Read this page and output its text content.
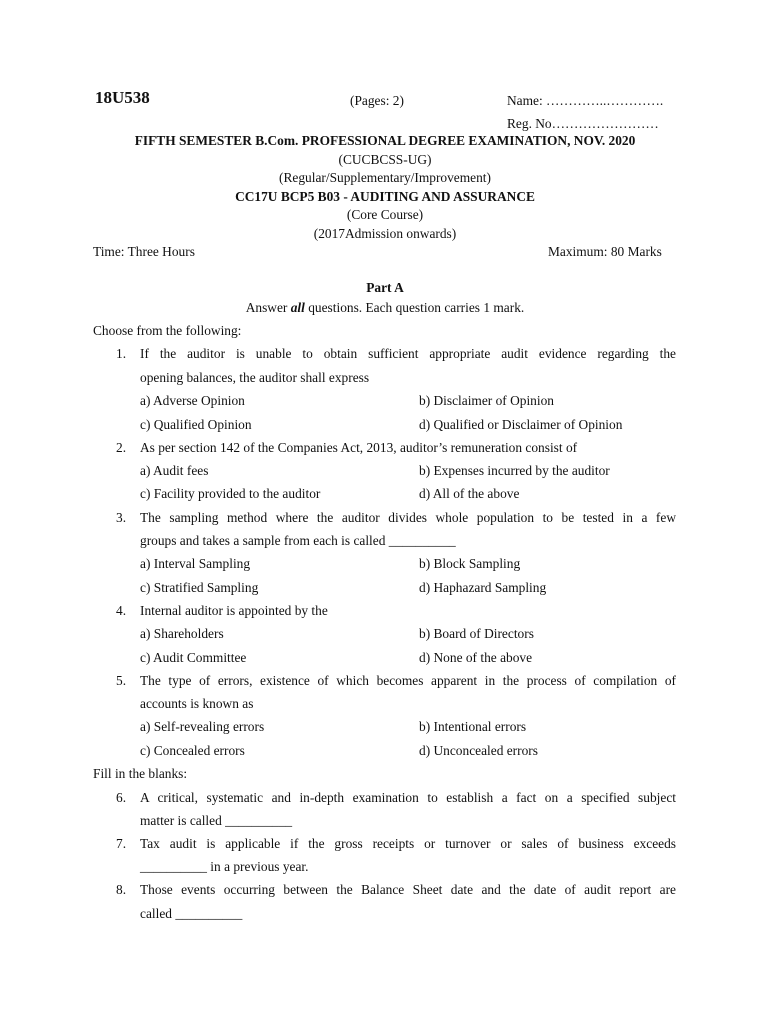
18U538	(Pages: 2)	Name: …………..………….
Reg. No……………………
FIFTH SEMESTER B.Com. PROFESSIONAL DEGREE EXAMINATION, NOV. 2020
(CUCBCSS-UG)
(Regular/Supplementary/Improvement)
CC17U BCP5 B03 - AUDITING AND ASSURANCE
(Core Course)
(2017Admission onwards)
Time: Three Hours	Maximum: 80 Marks
Part A
Answer all questions. Each question carries 1 mark.
Choose from the following:
1. If the auditor is unable to obtain sufficient appropriate audit evidence regarding the
opening balances, the auditor shall express
a) Adverse Opinion	b) Disclaimer of Opinion
c) Qualified Opinion	d) Qualified or Disclaimer of Opinion
2. As per section 142 of the Companies Act, 2013, auditor’s remuneration consist of
a) Audit fees	b) Expenses incurred by the auditor
c) Facility provided to the auditor	d) All of the above
3. The sampling method where the auditor divides whole population to be tested in a few
groups and takes a sample from each is called __________
a) Interval Sampling	b) Block Sampling
c) Stratified Sampling	d) Haphazard Sampling
4. Internal auditor is appointed by the
a) Shareholders	b) Board of Directors
c) Audit Committee	d) None of the above
5. The type of errors, existence of which becomes apparent in the process of compilation of
accounts is known as
a) Self-revealing errors	b) Intentional errors
c) Concealed errors	d) Unconcealed errors
Fill in the blanks:
6. A critical, systematic and in-depth examination to establish a fact on a specified subject
matter is called __________
7. Tax audit is applicable if the gross receipts or turnover or sales of business exceeds
__________ in a previous year.
8. Those events occurring between the Balance Sheet date and the date of audit report are
called __________
